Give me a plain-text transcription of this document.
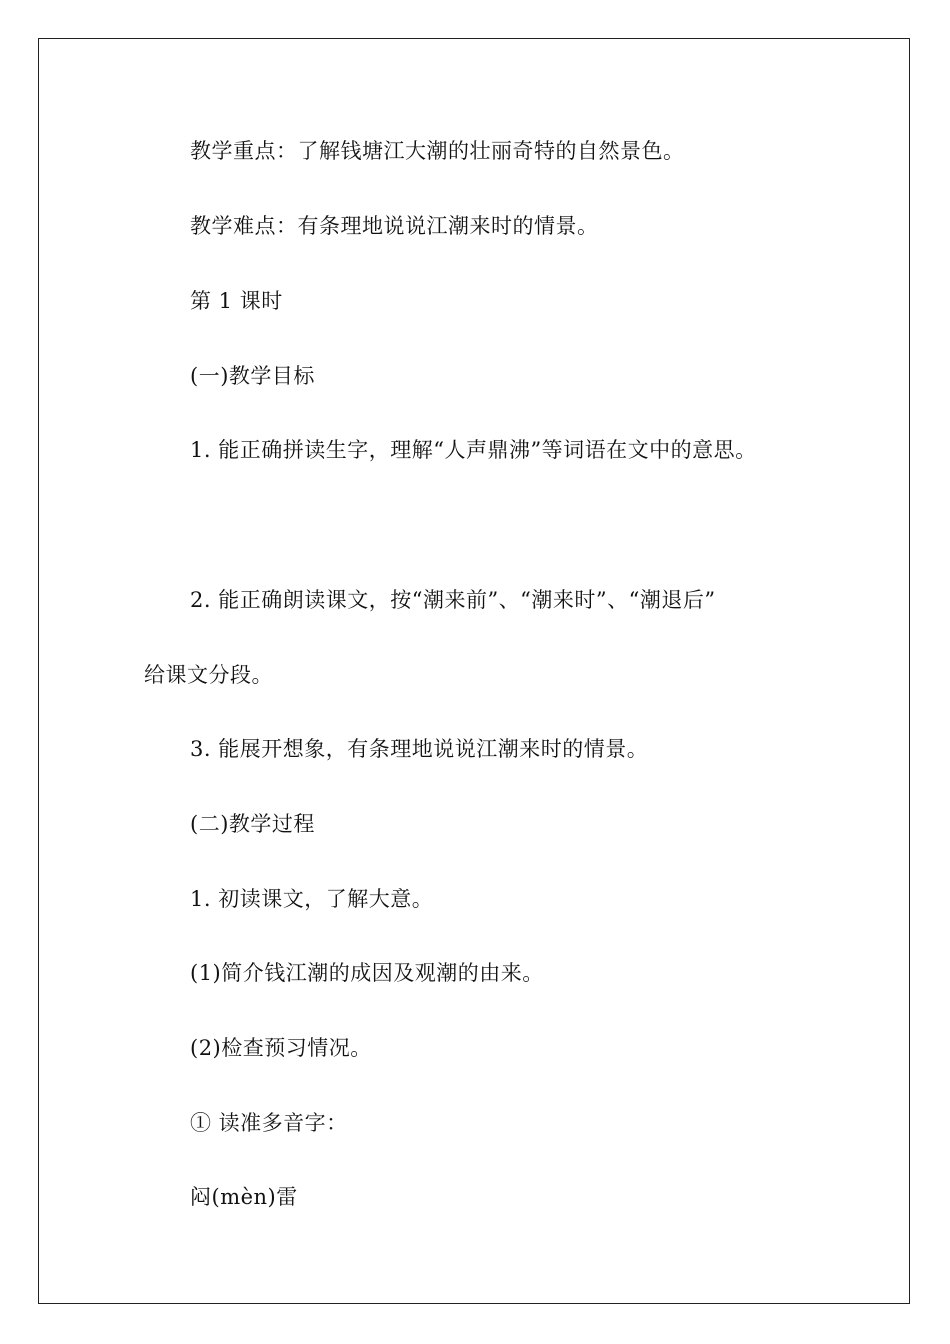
教学重点：了解钱塘江大潮的壮丽奇特的自然景色。
教学难点：有条理地说说江潮来时的情景。
第 1 课时
(一)教学目标
1. 能正确拼读生字，理解“人声鼎沸”等词语在文中的意思。
2. 能正确朗读课文，按“潮来前”、“潮来时”、“潮退后”
给课文分段。
3. 能展开想象，有条理地说说江潮来时的情景。
(二)教学过程
1. 初读课文，了解大意。
(1)简介钱江潮的成因及观潮的由来。
(2)检查预习情况。
① 读准多音字：
闷(mèn)雷
